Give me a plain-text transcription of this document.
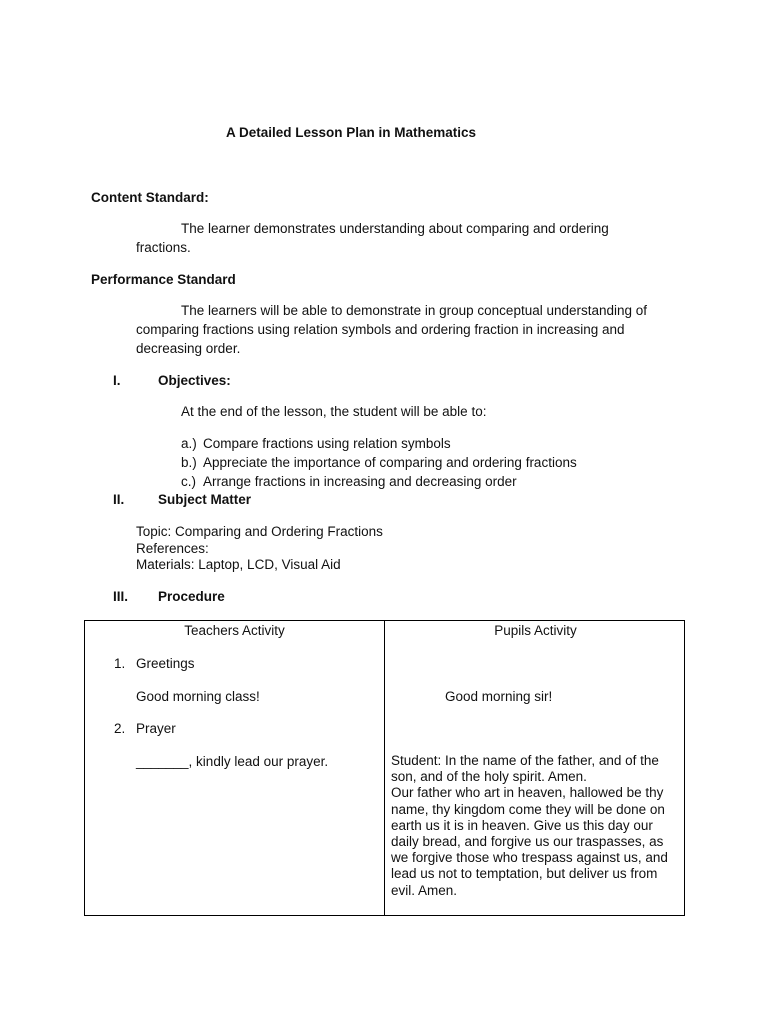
A Detailed Lesson Plan in Mathematics
Content Standard:
The learner demonstrates understanding about comparing and ordering
fractions.
Performance Standard
The learners will be able to demonstrate in group conceptual understanding of
comparing fractions using relation symbols and ordering fraction in increasing and
decreasing order.
I.	Objectives:
At the end of the lesson, the student will be able to:
a.) Compare fractions using relation symbols
b.) Appreciate the importance of comparing and ordering fractions
c.) Arrange fractions in increasing and decreasing order
II. Subject Matter
Topic: Comparing and Ordering Fractions
References:
Materials: Laptop, LCD, Visual Aid
III. Procedure
Teachers Activity	Pupils Activity
1. Greetings
Good morning class!	Good morning sir!
2. Prayer
_______, kindly lead our prayer.	Student: In the name of the father, and of the
son, and of the holy spirit. Amen.
Our father who art in heaven, hallowed be thy
name, thy kingdom come they will be done on
earth us it is in heaven. Give us this day our
daily bread, and forgive us our traspasses, as
we forgive those who trespass against us, and
lead us not to temptation, but deliver us from
evil. Amen.
